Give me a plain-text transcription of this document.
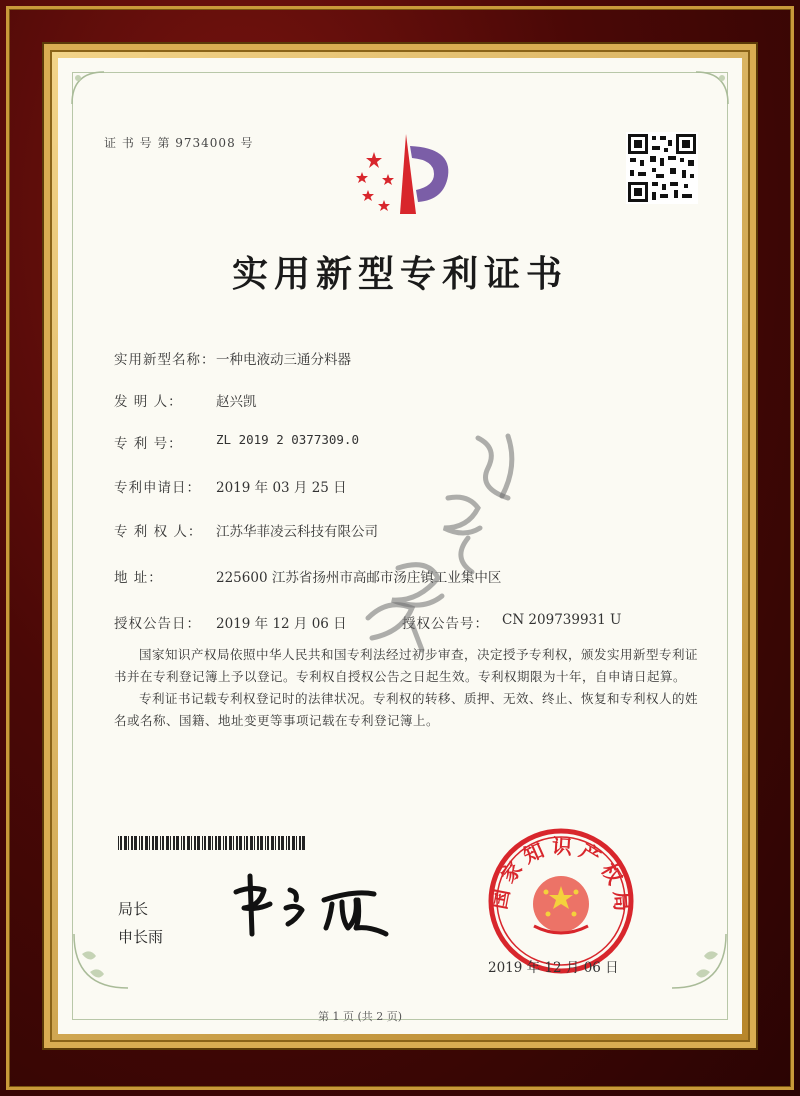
证 书 号 第 9734008 号
实用新型专利证书
实用新型名称： 一种电液动三通分料器
发 明 人： 赵兴凯
专 利 号：	ZL 2019 2 0377309.0
专利申请日： 2019 年 03 月 25 日
专 利 权 人： 江苏华菲凌云科技有限公司
地 址：	225600 江苏省扬州市高邮市汤庄镇工业集中区
授权公告日： 2019 年 12 月 06 日	授权公告号： CN 209739931 U

国家知识产权局依照中华人民共和国专利法经过初步审查，决定授予专利权，颁发实用新型专利证书并在专利登记簿上予以登记。专利权自授权公告之日起生效。专利权期限为十年，自申请日起算。

专利证书记载专利权登记时的法律状况。专利权的转移、质押、无效、终止、恢复和专利权人的姓名或名称、国籍、地址变更等事项记载在专利登记簿上。

局长
申长雨
国家知识产权局
2019 年 12 月 06 日
第 1 页 (共 2 页)
